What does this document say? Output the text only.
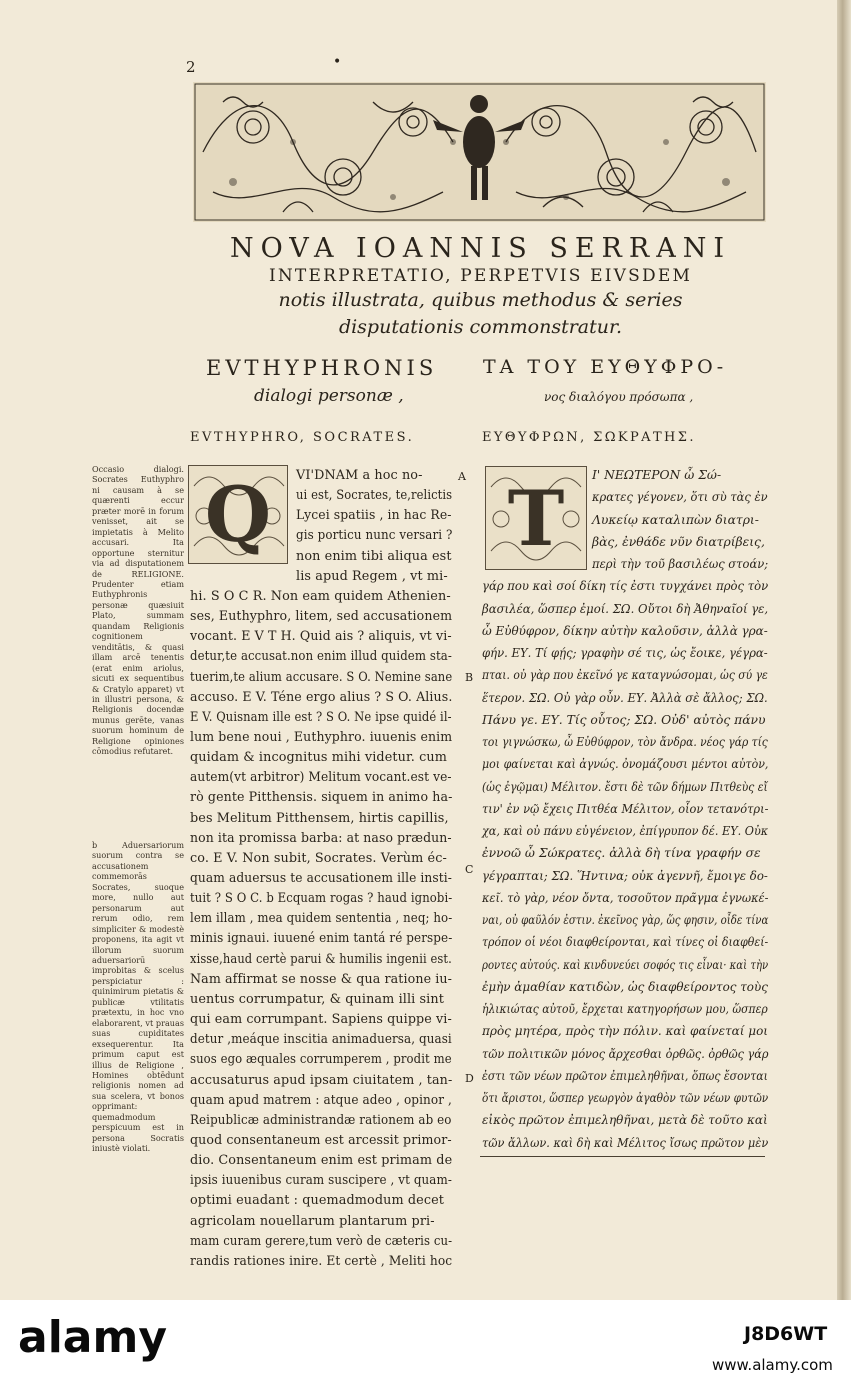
2	•
NOVA IOANNIS SERRANI
INTERPRETATIO, PERPETVIS EIVSDEM
notis illustrata, quibus methodus & series
disputationis commonstratur.
EVTHYPHRONIS
dialogi personæ ,
ΤΑ ΤΟΥ ΕΥΘΥΦΡΟ-
νος διαλόγου πρόσωπα ,
EVTHYPHRO, SOCRATES.	ΕΥΘΥΦΡΩΝ, ΣΩΚΡΑΤΗΣ.
Occasio dialogi. Socrates Euthyphro ni causam à se quærenti eccur præter morē in forum venisset, ait se impietatis à Melito accusari. Ita opportune sternitur via ad disputationem de RELIGIONE. Prudenter etiam Euthyphronis personæ quæsiuit Plato, summam quandam Religionis cognitionem venditātis, & quasi illam arcē tenentis (erat enim ariolus, sicuti ex sequentibus & Cratylo apparet) vt in illustri persona, & Religionis docendæ munus gerēte, vanas suorum hominum de Religione opiniones cōmodius refutaret.
b Aduersariorum suorum contra se accusationem commemorās Socrates, suoque more, nullo aut personarum aut rerum odio, rem simpliciter & modestè proponens, ita agit vt illorum suorum aduersariorū improbitas & scelus perspiciatur : quinimirum pietatis & publicæ vtilitatis prætextu, in hoc vno elaborarent, vt prauas suas cupiditates exsequerentur. Ita primum caput est illius de Religione , Homines obtēdunt religionis nomen ad sua scelera, vt bonos opprimant: quemadmodum perspicuum est in persona Socratis iniustè violati.
Q	Τ
VI'DNAM a hoc no-
ui est, Socrates, te,relictis
Lycei spatiis , in hac Re-
gis porticu nunc versari ?
non enim tibi aliqua est
lis apud Regem , vt mi-
hi. S O C R. Non eam quidem Athenien-
ses, Euthyphro, litem, sed accusationem
vocant. E V T H. Quid ais ? aliquis, vt vi-
detur,te accusat.non enim illud quidem sta-
tuerim,te alium accusare. S O. Nemine sane
accuso. E V. Téne ergo alius ? S O. Alius.
E V. Quisnam ille est ? S O. Ne ipse quidé il-
lum bene noui , Euthyphro. iuuenis enim
quidam & incognitus mihi videtur. cum
autem(vt arbitror) Melitum vocant.est ve-
rò gente Pitthensis. siquem in animo ha-
bes Melitum Pitthensem, hirtis capillis,
non ita promissa barba: at naso prædun-
co. E V. Non subit, Socrates. Verùm éc-
quam aduersus te accusationem ille insti-
tuit ? S O C. b Ecquam rogas ? haud ignobi-
lem illam , mea quidem sententia , neq; ho-
minis ignaui. iuuené enim tantá ré perspe-
xisse,haud certè parui & humilis ingenii est.
Nam affirmat se nosse & qua ratione iu-
uentus corrumpatur, & quinam illi sint
qui eam corrumpant. Sapiens quippe vi-
detur ,meáque inscitia animaduersa, quasi
suos ego æquales corrumperem , prodit me
accusaturus apud ipsam ciuitatem , tan-
quam apud matrem : atque adeo , opinor ,
Reipublicæ administrandæ rationem ab eo
quod consentaneum est arcessit primor-
dio. Consentaneum enim est primam de
ipsis iuuenibus curam suscipere , vt quam-
optimi euadant : quemadmodum decet
agricolam nouellarum plantarum pri-
mam curam gerere,tum verò de cæteris cu-
randis rationes inire. Et certè , Meliti hoc
Ι' ΝΕΩΤΕΡΟΝ ὦ Σώ-
κρατες γέγονεν, ὅτι σὺ τὰς ἐν
Λυκείῳ καταλιπὼν διατρι-
βὰς, ἐνθάδε νῦν διατρίβεις,
περὶ τὴν τοῦ βασιλέως στοάν;
γάρ που καὶ σοί δίκη τίς ἐστι τυγχάνει πρὸς τὸν
βασιλέα, ὥσπερ ἐμοί. ΣΩ. Οὔτοι δὴ Ἀθηναῖοί γε,
ὦ Εὐθύφρον, δίκην αὐτὴν καλοῦσιν, ἀλλὰ γρα-
φήν. ΕΥ. Τί φῄς; γραφὴν σέ τις, ὡς ἔοικε, γέγρα-
πται. οὐ γὰρ που ἐκεῖνό γε καταγνώσομαι, ὡς σύ γε
ἕτερον. ΣΩ. Οὐ γὰρ οὖν. ΕΥ. Ἀλλὰ σὲ ἄλλος; ΣΩ.
Πάνυ γε. ΕΥ. Τίς οὗτος; ΣΩ. Οὐδ' αὐτὸς πάνυ
τοι γιγνώσκω, ὦ Εὐθύφρον, τὸν ἄνδρα. νέος γάρ τίς
μοι φαίνεται καὶ ἀγνώς. ὀνομάζουσι μέντοι αὐτὸν,
(ὡς ἐγῷμαι) Μέλιτον. ἔστι δὲ τῶν δήμων Πιτθεὺς εἴ
τιν' ἐν νῷ ἔχεις Πιτθέα Μέλιτον, οἷον τετανότρι-
χα, καὶ οὐ πάνυ εὐγένειον, ἐπίγρυπον δέ. ΕΥ. Οὐκ
ἐννοῶ ὦ Σώκρατες. ἀλλὰ δὴ τίνα γραφήν σε
γέγραπται; ΣΩ. Ἥντινα; οὐκ ἀγεννῆ, ἔμοιγε δο-
κεῖ. τὸ γὰρ, νέον ὄντα, τοσοῦτον πρᾶγμα ἐγνωκέ-
ναι, οὐ φαῦλόν ἐστιν. ἐκεῖνος γὰρ, ὥς φησιν, οἶδε τίνα
τρόπον οἱ νέοι διαφθείρονται, καὶ τίνες οἱ διαφθεί-
ροντες αὐτούς. καὶ κινδυνεύει σοφός τις εἶναι· καὶ τὴν
ἐμὴν ἀμαθίαν κατιδὼν, ὡς διαφθείροντος τοὺς
ἡλικιώτας αὐτοῦ, ἔρχεται κατηγορήσων μου, ὥσπερ
πρὸς μητέρα, πρὸς τὴν πόλιν. καὶ φαίνεταί μοι
τῶν πολιτικῶν μόνος ἄρχεσθαι ὀρθῶς. ὀρθῶς γάρ
ἐστι τῶν νέων πρῶτον ἐπιμεληθῆναι, ὅπως ἔσονται
ὅτι ἄριστοι, ὥσπερ γεωργὸν ἀγαθὸν τῶν νέων φυτῶν
εἰκὸς πρῶτον ἐπιμεληθῆναι, μετὰ δὲ τοῦτο καὶ
τῶν ἄλλων. καὶ δὴ καὶ Μέλιτος ἴσως πρῶτον μὲν
A
B
C
D
alamy	J8D6WT
www.alamy.com
